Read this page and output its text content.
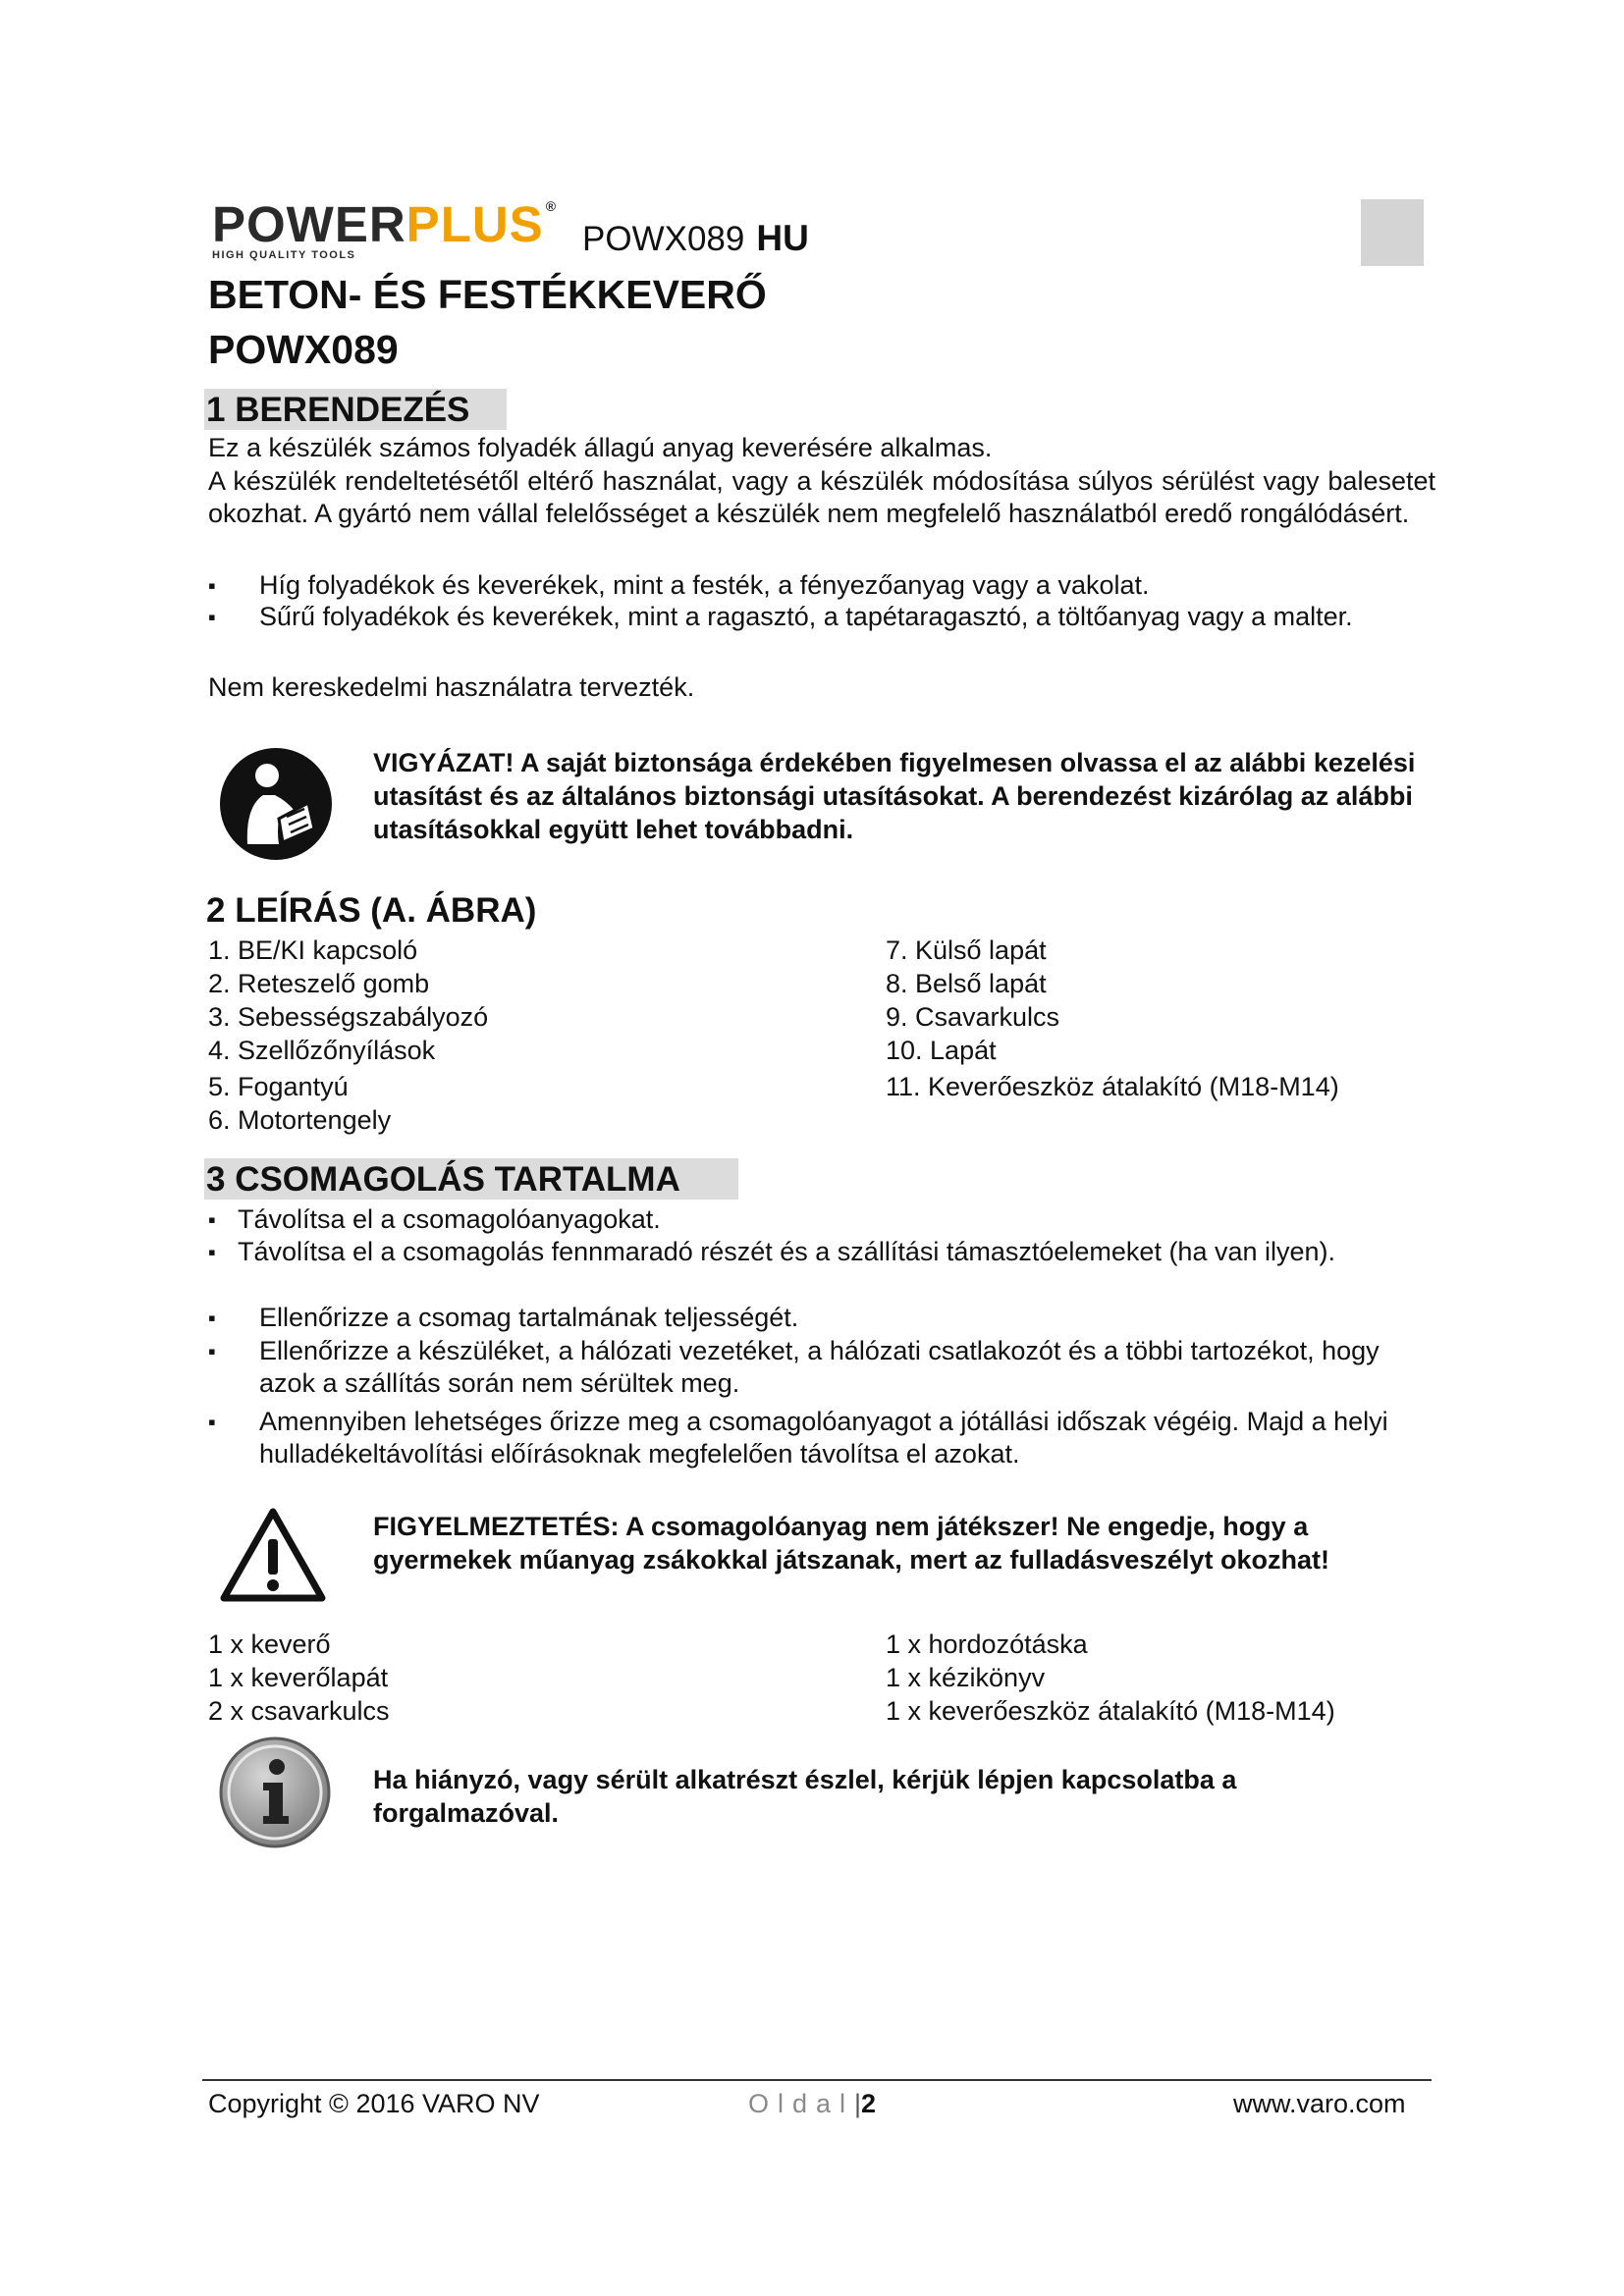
POWERPLUS ®
HIGH QUALITY TOOLS	POWX089 HU
BETON- ÉS FESTÉKKEVERŐ
POWX089
1 BERENDEZÉS
Ez a készülék számos folyadék állagú anyag keverésére alkalmas.
A készülék rendeltetésétől eltérő használat, vagy a készülék módosítása súlyos sérülést vagy balesetet okozhat. A gyártó nem vállal felelősséget a készülék nem megfelelő használatból eredő rongálódásért.
▪	Híg folyadékok és keverékek, mint a festék, a fényezőanyag vagy a vakolat.
▪	Sűrű folyadékok és keverékek, mint a ragasztó, a tapétaragasztó, a töltőanyag vagy a malter.
Nem kereskedelmi használatra tervezték.
VIGYÁZAT! A saját biztonsága érdekében figyelmesen olvassa el az alábbi kezelési utasítást és az általános biztonsági utasításokat. A berendezést kizárólag az alábbi utasításokkal együtt lehet továbbadni.
2 LEÍRÁS (A. ÁBRA)
1. BE/KI kapcsoló
2. Reteszelő gomb
3. Sebességszabályozó
4. Szellőzőnyílások
5. Fogantyú
6. Motortengely
7. Külső lapát
8. Belső lapát
9. Csavarkulcs
10. Lapát
11. Keverőeszköz átalakító (M18-M14)
3 CSOMAGOLÁS TARTALMA
▪ Távolítsa el a csomagolóanyagokat.
▪ Távolítsa el a csomagolás fennmaradó részét és a szállítási támasztóelemeket (ha van ilyen).
▪	Ellenőrizze a csomag tartalmának teljességét.
▪	Ellenőrizze a készüléket, a hálózati vezetéket, a hálózati csatlakozót és a többi tartozékot, hogy azok a szállítás során nem sérültek meg.
▪	Amennyiben lehetséges őrizze meg a csomagolóanyagot a jótállási időszak végéig. Majd a helyi hulladékeltávolítási előírásoknak megfelelően távolítsa el azokat.
FIGYELMEZTETÉS: A csomagolóanyag nem játékszer! Ne engedje, hogy a gyermekek műanyag zsákokkal játszanak, mert az fulladásveszélyt okozhat!
1 x keverő
1 x keverőlapát
2 x csavarkulcs
1 x hordozótáska
1 x kézikönyv
1 x keverőeszköz átalakító (M18-M14)
Ha hiányzó, vagy sérült alkatrészt észlel, kérjük lépjen kapcsolatba a forgalmazóval.
Copyright © 2016 VARO NV	Oldal|2	www.varo.com
